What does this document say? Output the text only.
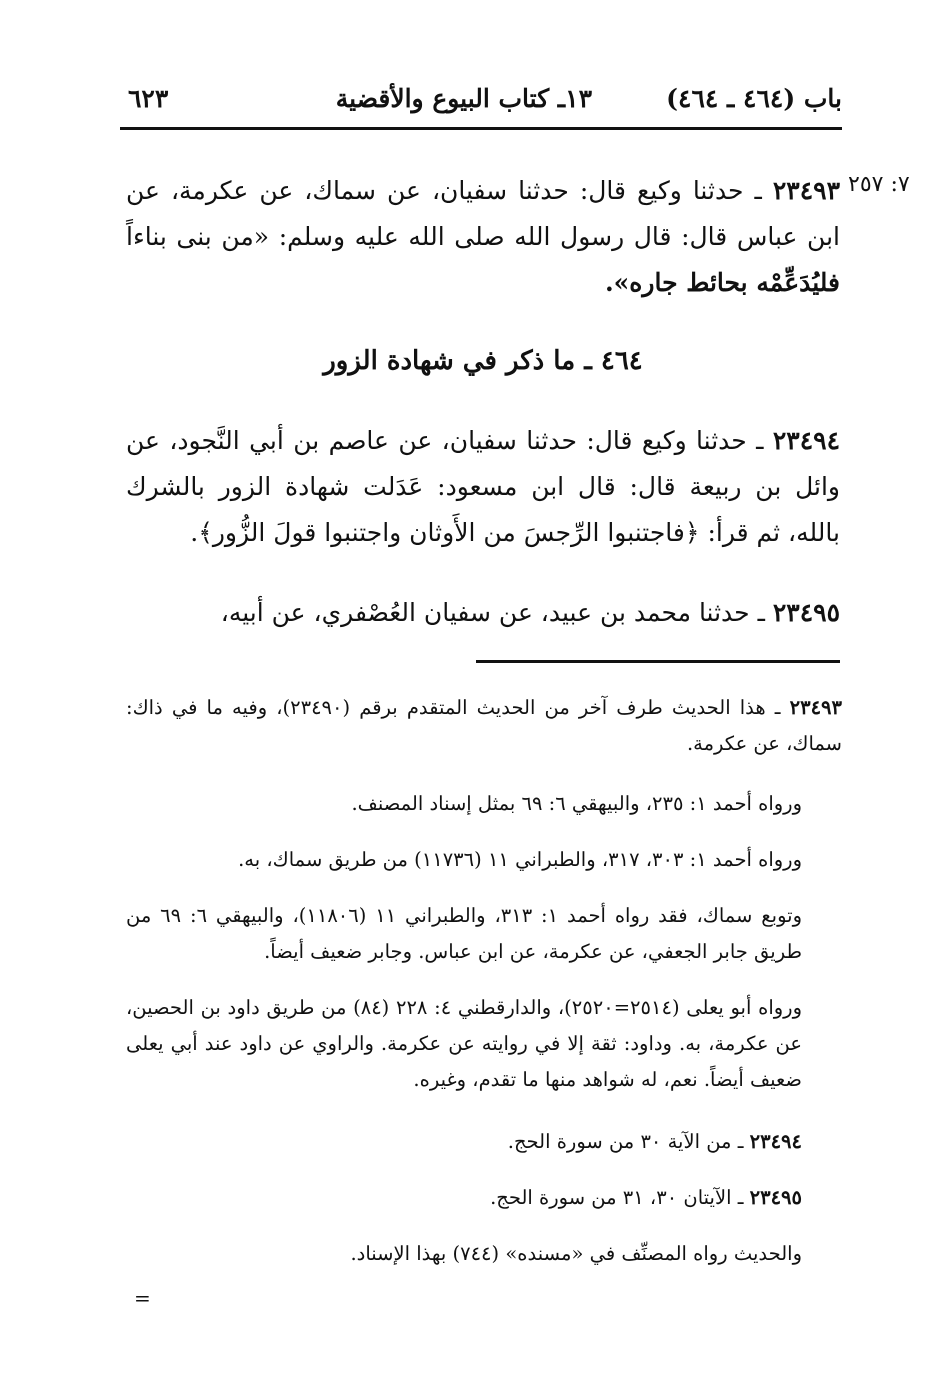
باب (٤٦٤ ـ ٤٦٤)
١٣ـ كتاب البيوع والأقضية
٦٢٣
٧: ٢٥٧
٢٣٤٩٣ ـ حدثنا وكيع قال: حدثنا سفيان، عن سماك، عن عكرمة، عن ابن عباس قال: قال رسول الله صلى الله عليه وسلم: «من بنى بناءاً فليُدَعِّمْه بحائط جاره».
٤٦٤ ـ ما ذكر في شهادة الزور
٢٣٤٩٤ ـ حدثنا وكيع قال: حدثنا سفيان، عن عاصم بن أبي النَّجود، عن وائل بن ربيعة قال: قال ابن مسعود: عَدَلت شهادة الزور بالشرك بالله، ثم قرأ: ﴿فاجتنبوا الرِّجسَ من الأَوثان واجتنبوا قولَ الزُّور﴾.
٢٣٤٩٥ ـ حدثنا محمد بن عبيد، عن سفيان العُصْفري، عن أبيه،
٢٣٤٩٣ ـ هذا الحديث طرف آخر من الحديث المتقدم برقم (٢٣٤٩٠)، وفيه ما في ذاك: سماك، عن عكرمة.
ورواه أحمد ١: ٢٣٥، والبيهقي ٦: ٦٩ بمثل إسناد المصنف.
ورواه أحمد ١: ٣٠٣، ٣١٧، والطبراني ١١ (١١٧٣٦) من طريق سماك، به.
وتوبع سماك، فقد رواه أحمد ١: ٣١٣، والطبراني ١١ (١١٨٠٦)، والبيهقي ٦: ٦٩ من طريق جابر الجعفي، عن عكرمة، عن ابن عباس. وجابر ضعيف أيضاً.
ورواه أبو يعلى (٢٥١٤=٢٥٢٠)، والدارقطني ٤: ٢٢٨ (٨٤) من طريق داود بن الحصين، عن عكرمة، به. وداود: ثقة إلا في روايته عن عكرمة. والراوي عن داود عند أبي يعلى ضعيف أيضاً. نعم، له شواهد منها ما تقدم، وغيره.
٢٣٤٩٤ ـ من الآية ٣٠ من سورة الحج.
٢٣٤٩٥ ـ الآيتان ٣٠، ٣١ من سورة الحج.
والحديث رواه المصنِّف في «مسنده» (٧٤٤) بهذا الإسناد.
=
